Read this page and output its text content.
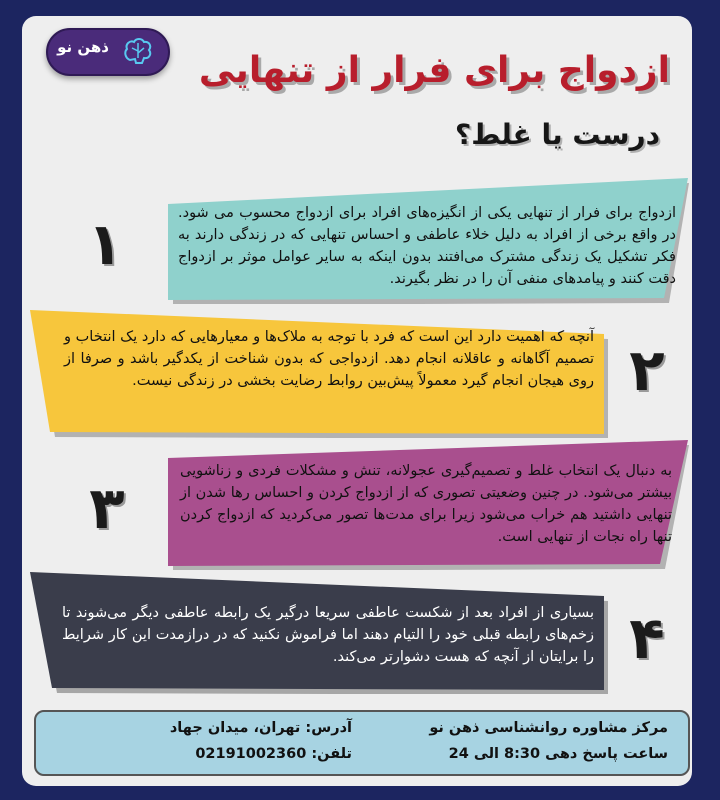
ذهن نو
ازدواج برای فرار از تنهایی
درست یا غلط؟
ازدواج برای فرار از تنهایی یکی از انگیزه‌های افراد برای ازدواج محسوب می شود. در واقع برخی از افراد به دلیل خلاء عاطفی و احساس تنهایی که در زندگی دارند به فکر تشکیل یک زندگی مشترک می‌افتند بدون اینکه به سایر عوامل موثر بر ازدواج دقت کنند و پیامدهای منفی آن را در نظر بگیرند.
۱
آنچه که اهمیت دارد این است که فرد با توجه به ملاک‌ها و معیارهایی که دارد یک انتخاب و تصمیم آگاهانه و عاقلانه انجام دهد. ازدواجی که بدون شناخت از یکدگیر باشد و صرفا از روی هیجان انجام گیرد معمولاً پیش‌بین روابط رضایت بخشی در زندگی نیست. ۲
به دنبال یک انتخاب غلط و تصمیم‌گیری عجولانه، تنش و مشکلات فردی و زناشویی بیشتر می‌شود. در چنین وضعیتی تصوری که از ازدواج کردن و احساس رها شدن از تنهایی داشتید هم خراب می‌شود زیرا برای مدت‌ها تصور می‌کردید که ازدواج کردن تنها راه نجات از تنهایی است.
۳
بسیاری از افراد بعد از شکست عاطفی سریعا درگیر یک رابطه عاطفی دیگر می‌شوند تا زخم‌های رابطه قبلی خود را التیام دهند اما فراموش نکنید که در درازمدت این کار شرایط را برایتان از آنچه که هست دشوارتر می‌کند. ۴
مرکز مشاوره روانشناسی ذهن نو
ساعت پاسخ دهی 8:30 الی 24
آدرس: تهران، میدان جهاد
تلفن: 02191002360
